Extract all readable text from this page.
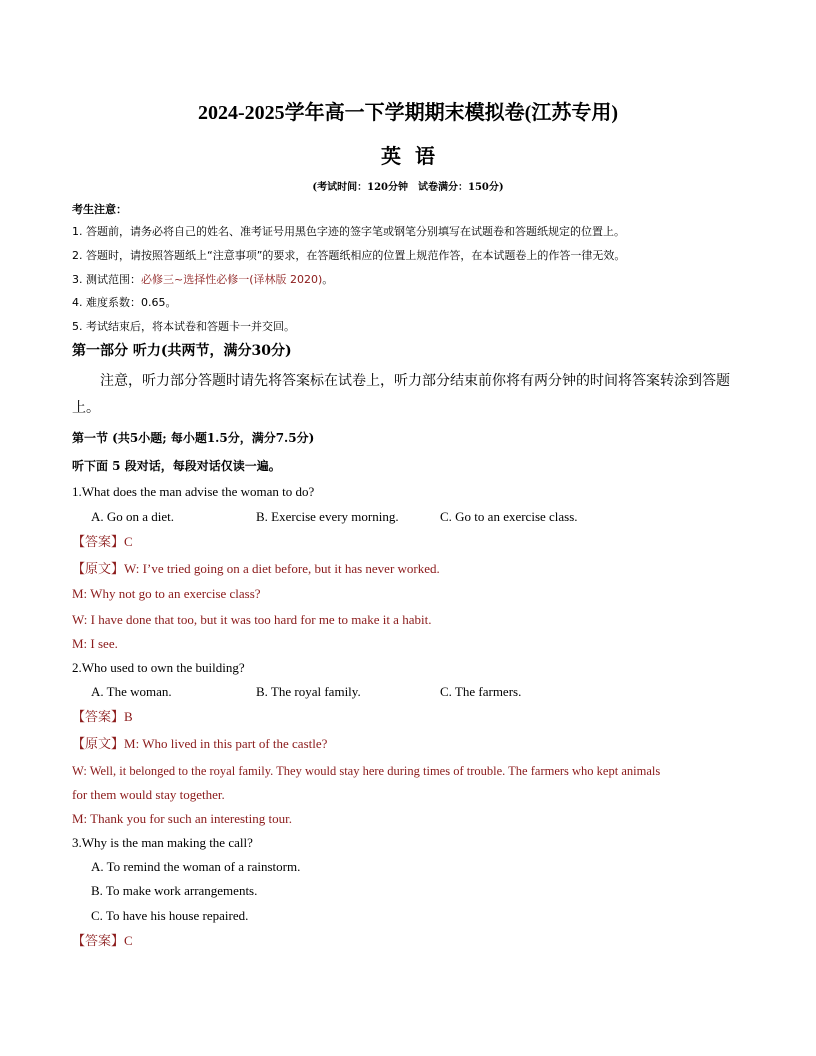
2024-2025学年高一下学期期末模拟卷(江苏专用)
英语
(考试时间：120分钟　试卷满分：150分)
考生注意：
1. 答题前，请务必将自己的姓名、准考证号用黑色字迹的签字笔或钢笔分别填写在试题卷和答题纸规定的位置上。
2. 答题时，请按照答题纸上“注意事项”的要求，在答题纸相应的位置上规范作答，在本试题卷上的作答一律无效。
3. 测试范围：必修三~选择性必修一(译林版 2020)。
4. 难度系数：0.65。
5. 考试结束后，将本试卷和答题卡一并交回。
第一部分 听力(共两节，满分30分)
注意，听力部分答题时请先将答案标在试卷上，听力部分结束前你将有两分钟的时间将答案转涂到答题上。
第一节 (共5小题; 每小题1.5分，满分7.5分)
听下面 5 段对话，每段对话仅读一遍。
1.What does the man advise the woman to do?
A. Go on a diet.	B. Exercise every morning.	C. Go to an exercise class.
【答案】C
【原文】W: I’ve tried going on a diet before, but it has never worked.
M: Why not go to an exercise class?
W: I have done that too, but it was too hard for me to make it a habit.
M: I see.
2.Who used to own the building?
A. The woman.	B. The royal family.	C. The farmers.
【答案】B
【原文】M: Who lived in this part of the castle?
W: Well, it belonged to the royal family. They would stay here during times of trouble. The farmers who kept animals
for them would stay together.
M: Thank you for such an interesting tour.
3.Why is the man making the call?
A. To remind the woman of a rainstorm.
B. To make work arrangements.
C. To have his house repaired.
【答案】C
